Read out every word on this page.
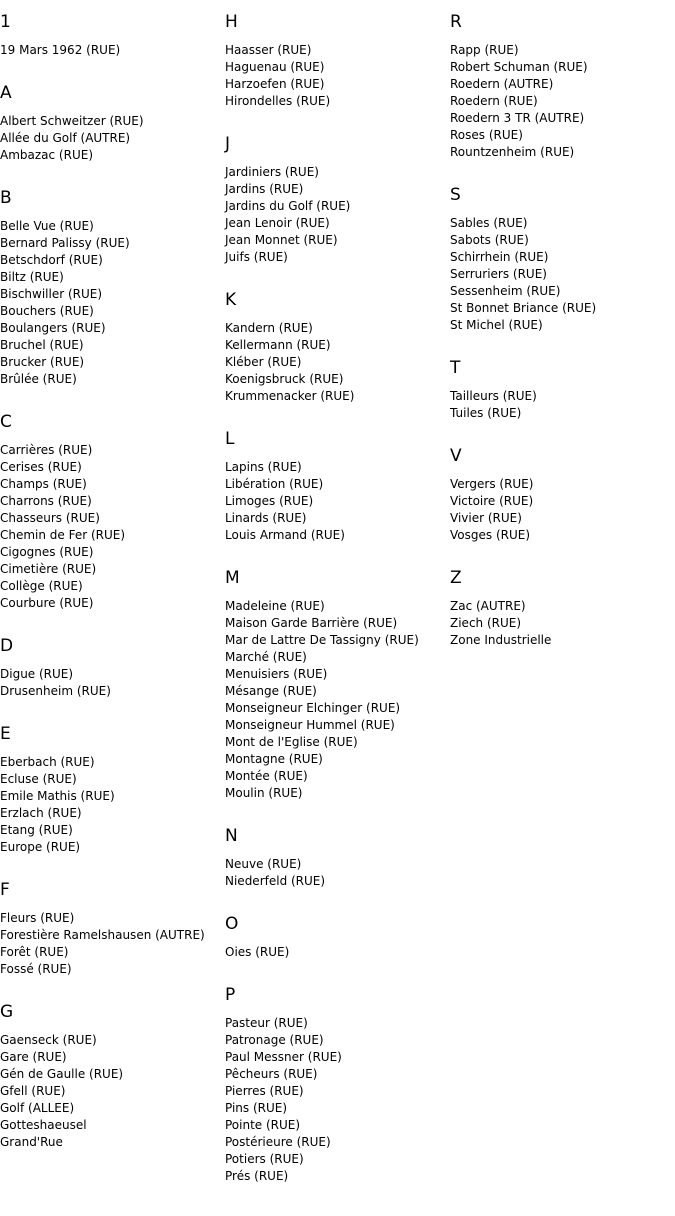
1
19 Mars 1962 (RUE)
A
Albert Schweitzer (RUE)
Allée du Golf (AUTRE)
Ambazac (RUE)
B
Belle Vue (RUE)
Bernard Palissy (RUE)
Betschdorf (RUE)
Biltz (RUE)
Bischwiller (RUE)
Bouchers (RUE)
Boulangers (RUE)
Bruchel (RUE)
Brucker (RUE)
Brûlée (RUE)
C
Carrières (RUE)
Cerises (RUE)
Champs (RUE)
Charrons (RUE)
Chasseurs (RUE)
Chemin de Fer (RUE)
Cigognes (RUE)
Cimetière (RUE)
Collège (RUE)
Courbure (RUE)
D
Digue (RUE)
Drusenheim (RUE)
E
Eberbach (RUE)
Ecluse (RUE)
Emile Mathis (RUE)
Erzlach (RUE)
Etang (RUE)
Europe (RUE)
F
Fleurs (RUE)
Forestière Ramelshausen (AUTRE)
Forêt (RUE)
Fossé (RUE)
G
Gaenseck (RUE)
Gare (RUE)
Gén de Gaulle (RUE)
Gfell (RUE)
Golf (ALLEE)
Gotteshaeusel
Grand'Rue
H
Haasser (RUE)
Haguenau (RUE)
Harzoefen (RUE)
Hirondelles (RUE)
J
Jardiniers (RUE)
Jardins (RUE)
Jardins du Golf (RUE)
Jean Lenoir (RUE)
Jean Monnet (RUE)
Juifs (RUE)
K
Kandern (RUE)
Kellermann (RUE)
Kléber (RUE)
Koenigsbruck (RUE)
Krummenacker (RUE)
L
Lapins (RUE)
Libération (RUE)
Limoges (RUE)
Linards (RUE)
Louis Armand (RUE)
M
Madeleine (RUE)
Maison Garde Barrière (RUE)
Mar de Lattre De Tassigny (RUE)
Marché (RUE)
Menuisiers (RUE)
Mésange (RUE)
Monseigneur Elchinger (RUE)
Monseigneur Hummel (RUE)
Mont de l'Eglise (RUE)
Montagne (RUE)
Montée (RUE)
Moulin (RUE)
N
Neuve (RUE)
Niederfeld (RUE)
O
Oies (RUE)
P
Pasteur (RUE)
Patronage (RUE)
Paul Messner (RUE)
Pêcheurs (RUE)
Pierres (RUE)
Pins (RUE)
Pointe (RUE)
Postérieure (RUE)
Potiers (RUE)
Prés (RUE)
R
Rapp (RUE)
Robert Schuman (RUE)
Roedern (AUTRE)
Roedern (RUE)
Roedern 3 TR (AUTRE)
Roses (RUE)
Rountzenheim (RUE)
S
Sables (RUE)
Sabots (RUE)
Schirrhein (RUE)
Serruriers (RUE)
Sessenheim (RUE)
St Bonnet Briance (RUE)
St Michel (RUE)
T
Tailleurs (RUE)
Tuiles (RUE)
V
Vergers (RUE)
Victoire (RUE)
Vivier (RUE)
Vosges (RUE)
Z
Zac (AUTRE)
Ziech (RUE)
Zone Industrielle
